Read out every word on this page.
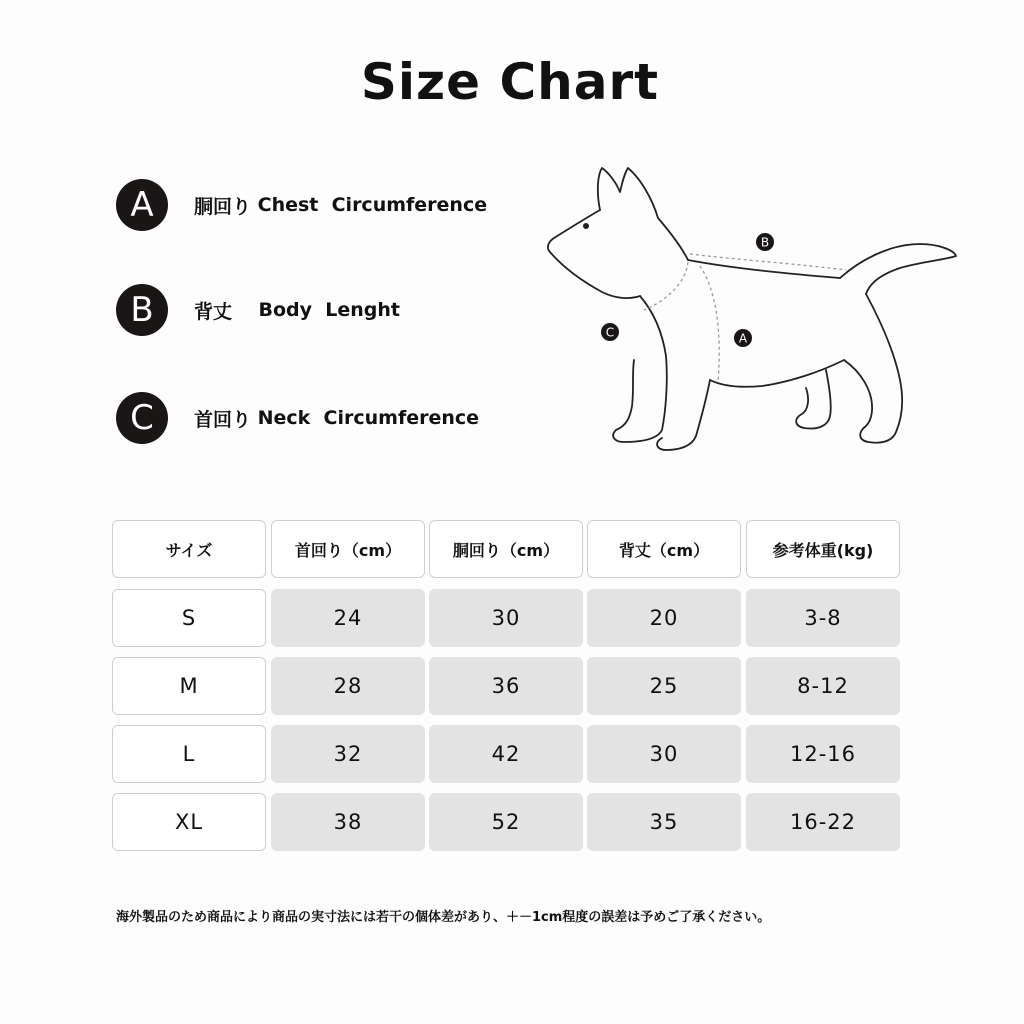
Size Chart
A	胴回り Chest  Circumference
B	背丈 Body  Lenght
C	首回り Neck  Circumference
B
A
C
サイズ	首回り（cm）	胴回り（cm）	背丈（cm）	参考体重(kg)
S	24	30	20	3-8
M	28	36	25	8-12
L	32	42	30	12-16
XL	38	52	35	16-22
海外製品のため商品により商品の実寸法には若干の個体差があり、＋－1cm程度の誤差は予めご了承ください。
